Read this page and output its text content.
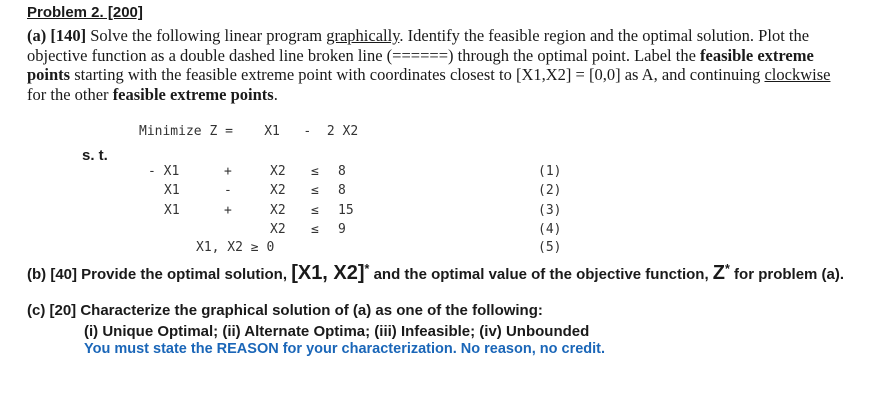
Problem 2. [200]
(a) [140] Solve the following linear program graphically. Identify the feasible region and the optimal solution. Plot the objective function as a double dashed line broken line (======) through the optimal point. Label the feasible extreme points starting with the feasible extreme point with coordinates closest to [X1,X2] = [0,0] as A, and continuing clockwise for the other feasible extreme points.
Minimize Z =    X1   -  2 X2
s. t.
- X1	+	X2 ≤ 8	(1)
X1	-	X2 ≤ 8	(2)
X1	+	X2 ≤ 15	(3)
X2 ≤ 9	(4)
X1, X2 ≥ 0	(5)
(b) [40] Provide the optimal solution, [X1, X2]* and the optimal value of the objective function, Z* for problem (a).
(c) [20] Characterize the graphical solution of (a) as one of the following:
(i) Unique Optimal; (ii) Alternate Optima; (iii) Infeasible; (iv) Unbounded
You must state the REASON for your characterization. No reason, no credit.
